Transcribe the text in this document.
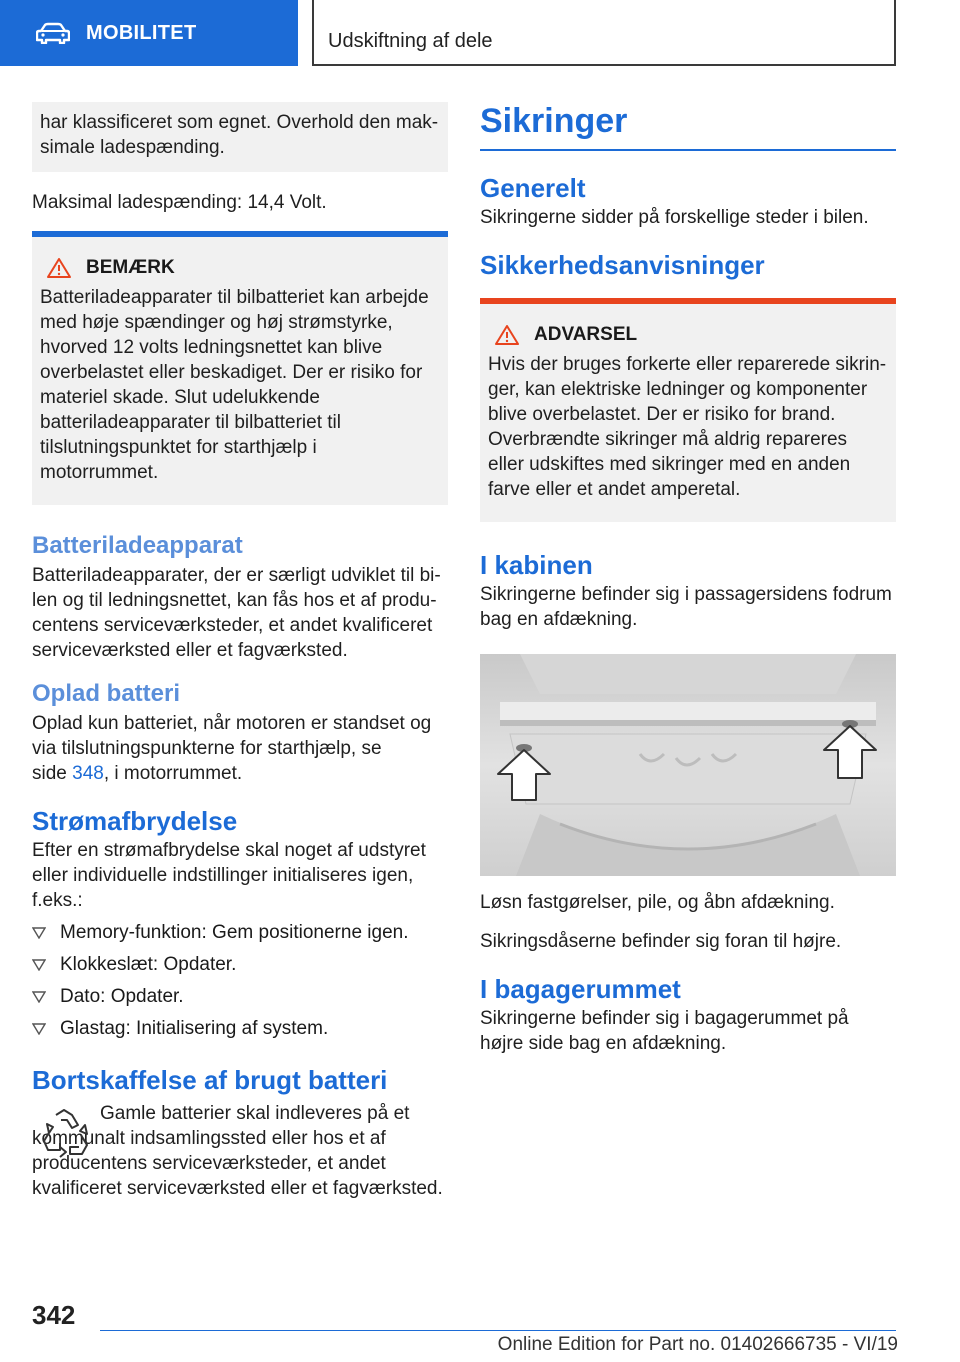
MOBILITET	Udskiftning af dele

har klassificeret som egnet. Overhold den maksimale ladespænding.

Maksimal ladespænding: 14,4 Volt.

BEMÆRK

Batteriladeapparater til bilbatteriet kan arbejde med høje spændinger og høj strømstyrke, hvorved 12 volts ledningsnettet kan blive overbelastet eller beskadiget. Der er risiko for materiel skade. Slut udelukkende batteriladeapparater til bilbatteriet til tilslutningspunktet for starthjælp i motorrummet.

Batteriladeapparat

Batteriladeapparater, der er særligt udviklet til bilen og til ledningsnettet, kan fås hos et af producentens serviceværksteder, et andet kvalificeret serviceværksted eller et fagværksted.

Oplad batteri

Oplad kun batteriet, når motoren er standset og via tilslutningspunkterne for starthjælp, se side 348, i motorrummet.

Strømafbrydelse

Efter en strømafbrydelse skal noget af udstyret eller individuelle indstillinger initialiseres igen, f.eks.:

Memory-funktion: Gem positionerne igen.
Klokkeslæt: Opdater.
Dato: Opdater.
Glastag: Initialisering af system.
Bortskaffelse af brugt batteri

Gamle batterier skal indleveres på et kommunalt indsamlingssted eller hos et af producentens serviceværksteder, et andet kvalificeret serviceværksted eller et fagværksted.

Sikringer
Generelt

Sikringerne sidder på forskellige steder i bilen.

Sikkerhedsanvisninger
ADVARSEL

Hvis der bruges forkerte eller reparerede sikringer, kan elektriske ledninger og komponenter blive overbelastet. Der er risiko for brand. Overbrændte sikringer må aldrig repareres eller udskiftes med sikringer med en anden farve eller et andet amperetal.

I kabinen

Sikringerne befinder sig i passagersidens fodrum bag en afdækning.

Løsn fastgørelser, pile, og åbn afdækning.

Sikringsdåserne befinder sig foran til højre.

I bagagerummet

Sikringerne befinder sig i bagagerummet på højre side bag en afdækning.

342
Online Edition for Part no. 01402666735 - VI/19
